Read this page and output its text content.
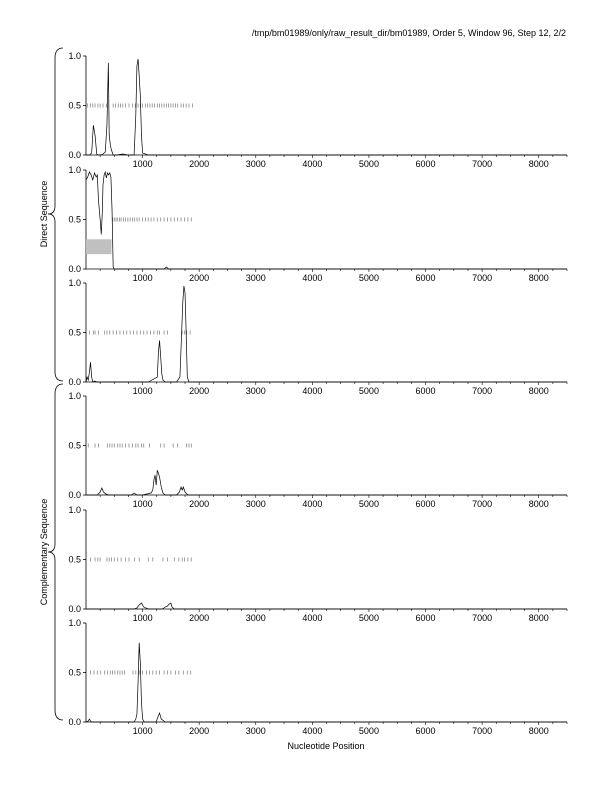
/tmp/bm01989/only/raw_result_dir/bm01989, Order 5, Window 96, Step 12, 2/2
0.0
0.5
1.0
1000	2000	3000	4000	5000	6000	7000	8000
0.0
0.5
1.0
1000	2000	3000	4000	5000	6000	7000	8000
0.0
0.5
1.0
1000	2000	3000	4000	5000	6000	7000	8000
0.0
0.5
1.0
1000	2000	3000	4000	5000	6000	7000	8000
0.0
0.5
1.0
1000	2000	3000	4000	5000	6000	7000	8000
0.0
0.5
1.0
1000	2000	3000	4000	5000	6000	7000	8000
Direct Sequence
Complementary Sequence
Nucleotide Position
